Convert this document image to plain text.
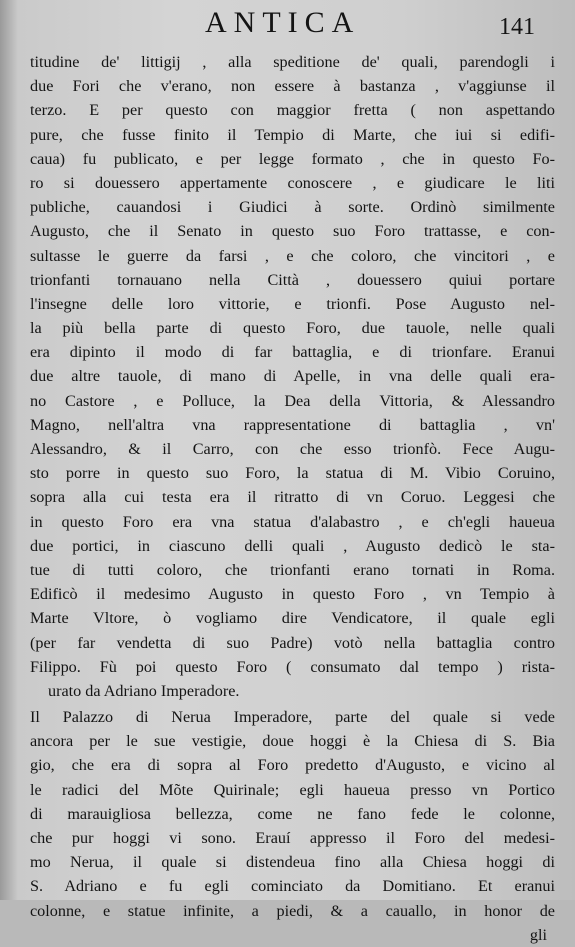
ANTICA	141
titudine de' littigij , alla speditione de' quali, parendogli i
due Fori che v'erano, non essere à bastanza , v'aggiunse il
terzo. E per questo con maggior fretta ( non aspettando
pure, che fusse finito il Tempio di Marte, che iui si edifi-
caua) fu publicato, e per legge formato , che in questo Fo-
ro si douessero appertamente conoscere , e giudicare le liti
publiche, cauandosi i Giudici à sorte. Ordinò similmente
Augusto, che il Senato in questo suo Foro trattasse, e con-
sultasse le guerre da farsi , e che coloro, che vincitori , e
trionfanti tornauano nella Città , douessero quiui portare
l'insegne delle loro vittorie, e trionfi. Pose Augusto nel-
la più bella parte di questo Foro, due tauole, nelle quali
era dipinto il modo di far battaglia, e di trionfare. Eranui
due altre tauole, di mano di Apelle, in vna delle quali era-
no Castore , e Polluce, la Dea della Vittoria, & Alessandro
Magno, nell'altra vna rappresentatione di battaglia , vn'
Alessandro, & il Carro, con che esso trionfò. Fece Augu-
sto porre in questo suo Foro, la statua di M. Vibio Coruino,
sopra alla cui testa era il ritratto di vn Coruo. Leggesi che
in questo Foro era vna statua d'alabastro , e ch'egli haueua
due portici, in ciascuno delli quali , Augusto dedicò le sta-
tue di tutti coloro, che trionfanti erano tornati in Roma.
Edificò il medesimo Augusto in questo Foro , vn Tempio à
Marte Vltore, ò vogliamo dire Vendicatore, il quale egli
(per far vendetta di suo Padre) votò nella battaglia contro
Filippo. Fù poi questo Foro ( consumato dal tempo ) rista-
urato da Adriano Imperadore.
Il Palazzo di Nerua Imperadore, parte del quale si vede
ancora per le sue vestigie, doue hoggi è la Chiesa di S. Bia
gio, che era di sopra al Foro predetto d'Augusto, e vicino al
le radici del Mõte Quirinale; egli haueua presso vn Portico
di marauigliosa bellezza, come ne fano fede le colonne,
che pur hoggi vi sono. Erauí appresso il Foro del medesi-
mo Nerua, il quale si distendeua fino alla Chiesa hoggi di
S. Adriano e fu egli cominciato da Domitiano. Et eranui
colonne, e statue infinite, a piedi, & a cauallo, in honor de
gli
